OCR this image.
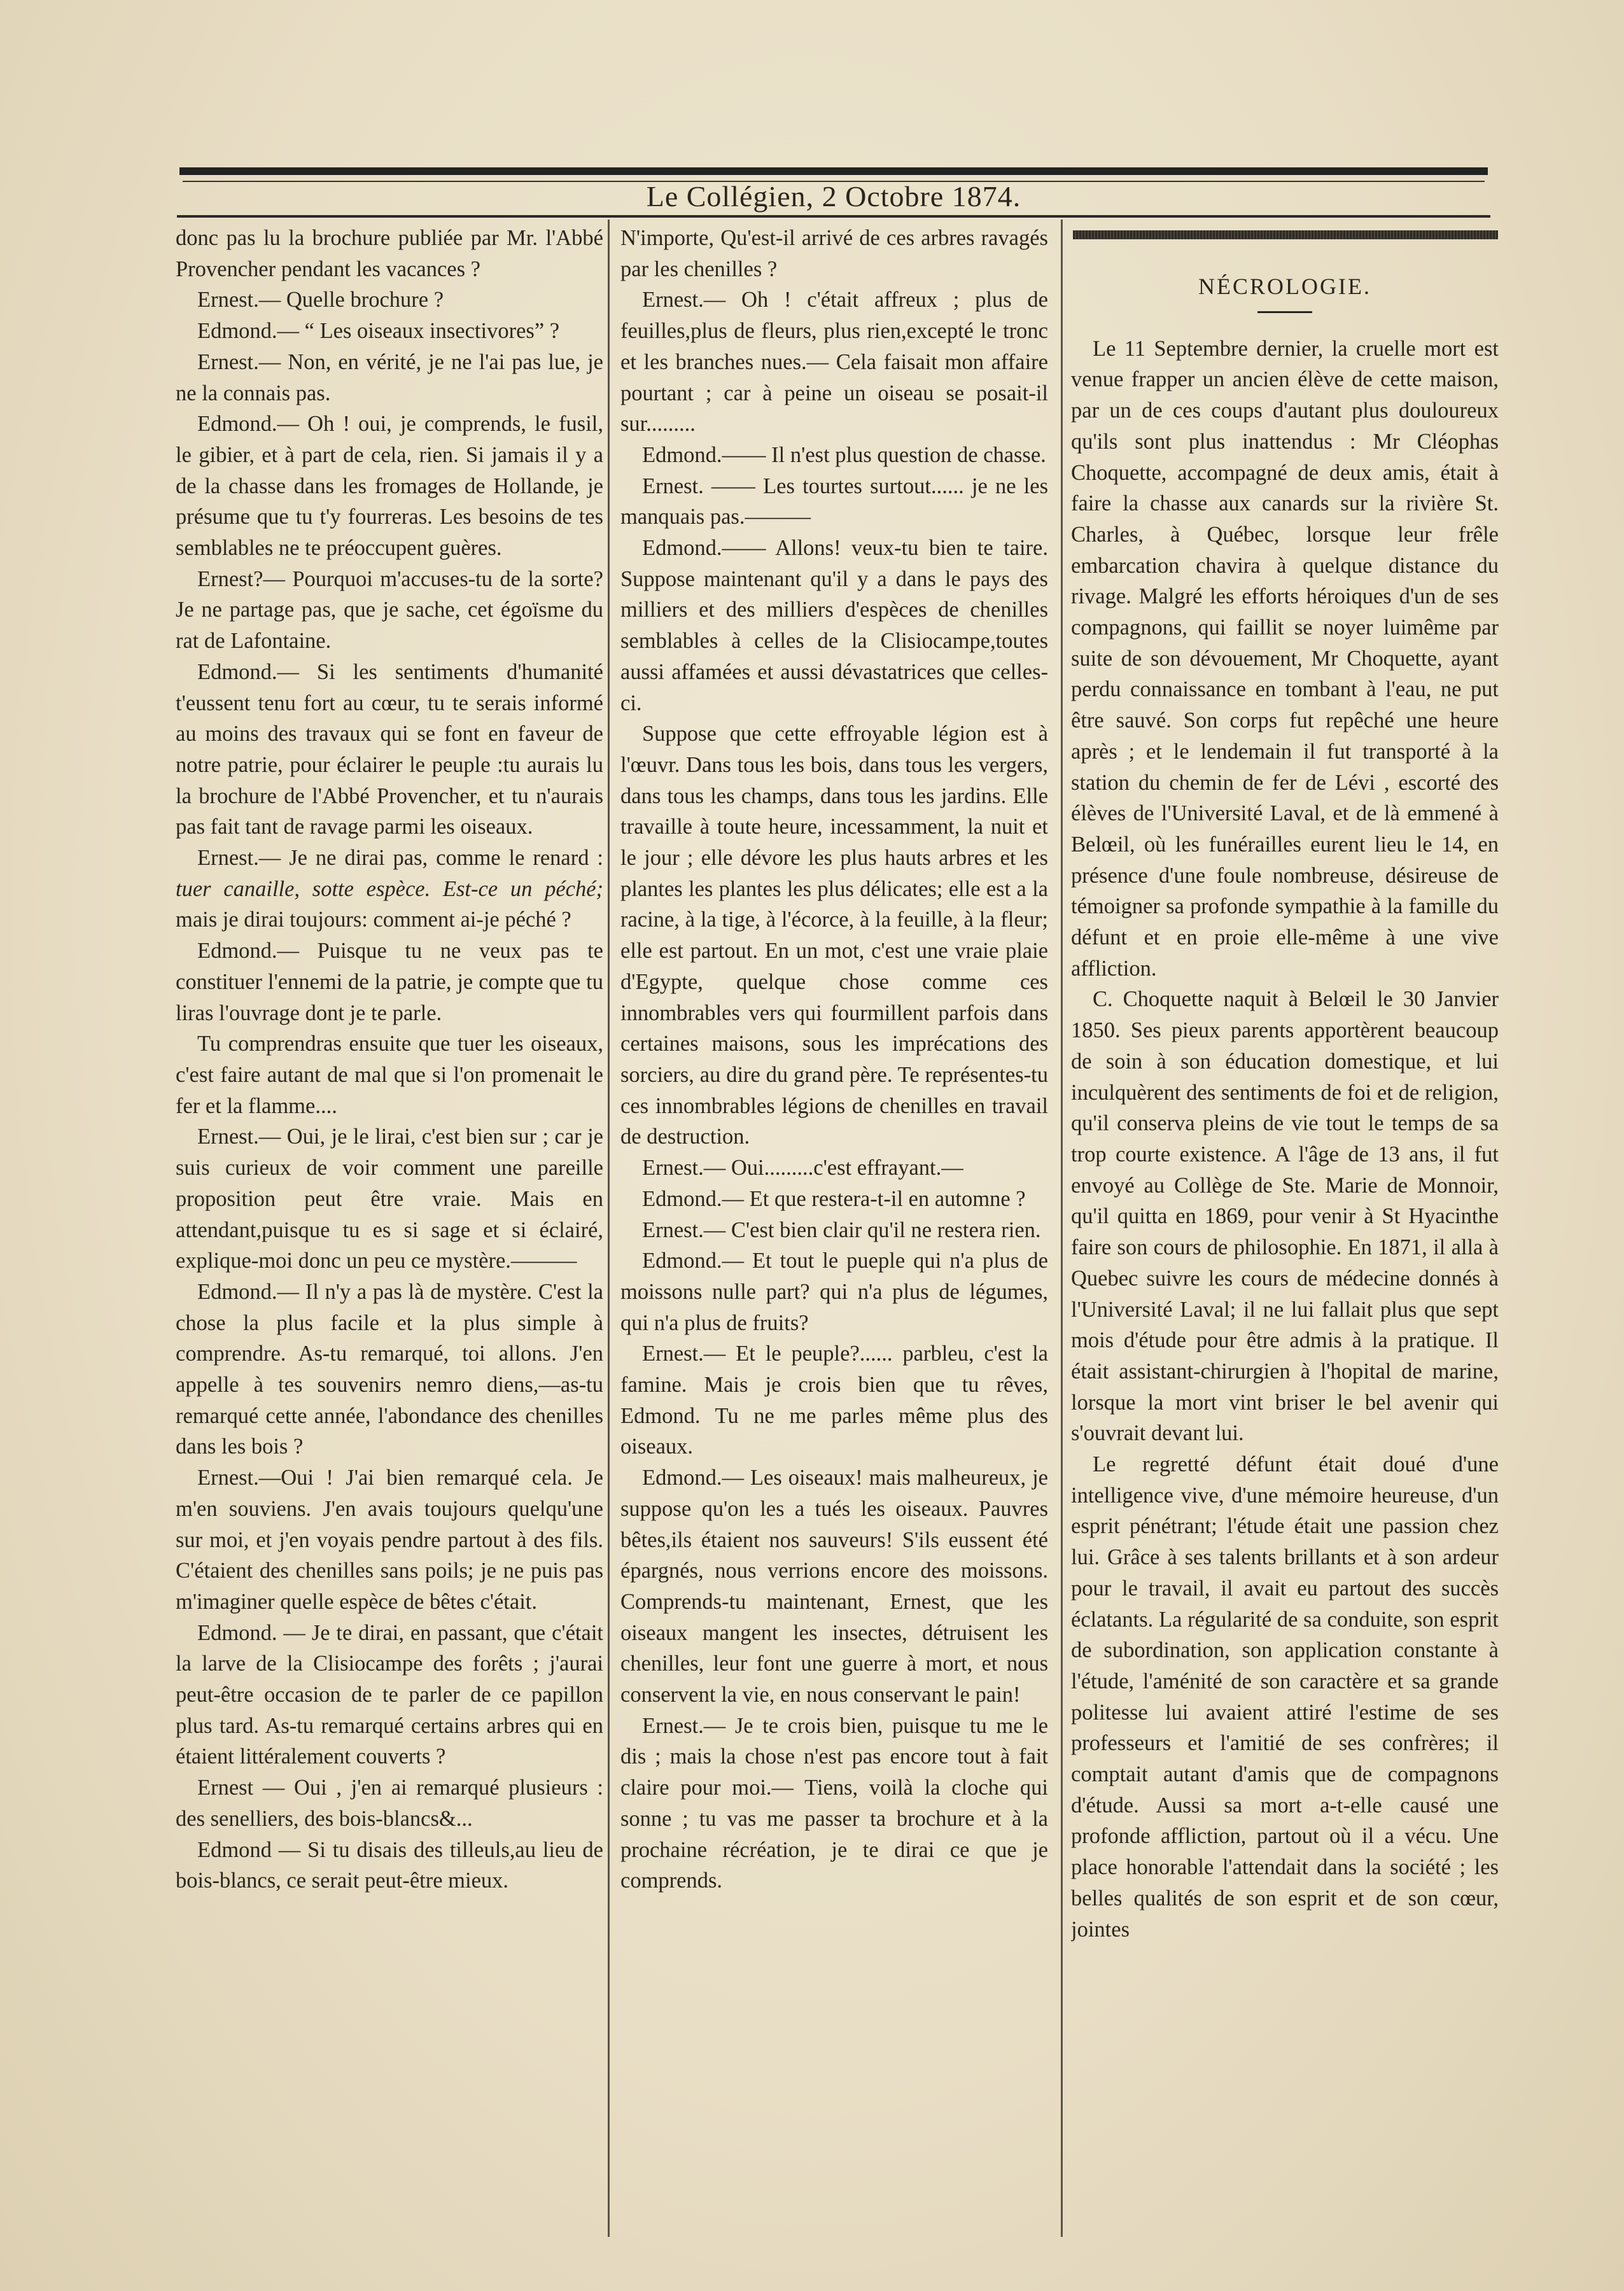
Le Collégien, 2 Octobre 1874.

donc pas lu la brochure publiée par Mr. l'Abbé Provencher pendant les vacances ?

Ernest.— Quelle brochure ?

Edmond.— “ Les oiseaux insectivores” ?

Ernest.— Non, en vérité, je ne l'ai pas lue, je ne la connais pas.

Edmond.— Oh ! oui, je comprends, le fusil, le gibier, et à part de cela, rien. Si jamais il y a de la chasse dans les fromages de Hollande, je présume que tu t'y fourreras. Les besoins de tes semblables ne te préoccupent guères.

Ernest?— Pourquoi m'accuses-tu de la sorte? Je ne partage pas, que je sache, cet égoïsme du rat de Lafontaine.

Edmond.— Si les sentiments d'humanité t'eussent tenu fort au cœur, tu te serais informé au moins des travaux qui se font en faveur de notre patrie, pour éclairer le peuple :tu aurais lu la brochure de l'Abbé Provencher, et tu n'aurais pas fait tant de ravage parmi les oiseaux.

Ernest.— Je ne dirai pas, comme le renard : tuer canaille, sotte espèce. Est-ce un péché; mais je dirai toujours: comment ai-je péché ?

Edmond.— Puisque tu ne veux pas te constituer l'ennemi de la patrie, je compte que tu liras l'ouvrage dont je te parle.

Tu comprendras ensuite que tuer les oiseaux, c'est faire autant de mal que si l'on promenait le fer et la flamme....

Ernest.— Oui, je le lirai, c'est bien sur ; car je suis curieux de voir comment une pareille proposition peut être vraie. Mais en attendant,puisque tu es si sage et si éclairé, explique-moi donc un peu ce mystère.———

Edmond.— Il n'y a pas là de mystère. C'est la chose la plus facile et la plus simple à comprendre. As-tu remarqué, toi allons. J'en appelle à tes souvenirs nemro diens,—as-tu remarqué cette année, l'abondance des chenilles dans les bois ?

Ernest.—Oui ! J'ai bien remarqué cela. Je m'en souviens. J'en avais toujours quelqu'une sur moi, et j'en voyais pendre partout à des fils. C'étaient des chenilles sans poils; je ne puis pas m'imaginer quelle espèce de bêtes c'était.

Edmond. — Je te dirai, en passant, que c'était la larve de la Clisiocampe des forêts ; j'aurai peut-être occasion de te parler de ce papillon plus tard. As-tu remarqué certains arbres qui en étaient littéralement couverts ?

Ernest — Oui , j'en ai remarqué plusieurs : des senelliers, des bois-blancs&...

Edmond — Si tu disais des tilleuls,au lieu de bois-blancs, ce serait peut-être mieux.

N'importe, Qu'est-il arrivé de ces arbres ravagés par les chenilles ?

Ernest.— Oh ! c'était affreux ; plus de feuilles,plus de fleurs, plus rien,excepté le tronc et les branches nues.— Cela faisait mon affaire pourtant ; car à peine un oiseau se posait-il sur.........

Edmond.—— Il n'est plus question de chasse.

Ernest. —— Les tourtes surtout...... je ne les manquais pas.———

Edmond.—— Allons! veux-tu bien te taire. Suppose maintenant qu'il y a dans le pays des milliers et des milliers d'espèces de chenilles semblables à celles de la Clisiocampe,toutes aussi affamées et aussi dévastatrices que celles-ci.

Suppose que cette effroyable légion est à l'œuvr. Dans tous les bois, dans tous les vergers, dans tous les champs, dans tous les jardins. Elle travaille à toute heure, incessamment, la nuit et le jour ; elle dévore les plus hauts arbres et les plantes les plantes les plus délicates; elle est a la racine, à la tige, à l'écorce, à la feuille, à la fleur; elle est partout. En un mot, c'est une vraie plaie d'Egypte, quelque chose comme ces innombrables vers qui fourmillent parfois dans certaines maisons, sous les imprécations des sorciers, au dire du grand père. Te représentes-tu ces innombrables légions de chenilles en travail de destruction.

Ernest.— Oui.........c'est effrayant.—

Edmond.— Et que restera-t-il en automne ?

Ernest.— C'est bien clair qu'il ne restera rien.

Edmond.— Et tout le pueple qui n'a plus de moissons nulle part? qui n'a plus de légumes, qui n'a plus de fruits?

Ernest.— Et le peuple?...... parbleu, c'est la famine. Mais je crois bien que tu rêves, Edmond. Tu ne me parles même plus des oiseaux.

Edmond.— Les oiseaux! mais malheureux, je suppose qu'on les a tués les oiseaux. Pauvres bêtes,ils étaient nos sauveurs! S'ils eussent été épargnés, nous verrions encore des moissons. Comprends-tu maintenant, Ernest, que les oiseaux mangent les insectes, détruisent les chenilles, leur font une guerre à mort, et nous conservent la vie, en nous conservant le pain!

Ernest.— Je te crois bien, puisque tu me le dis ; mais la chose n'est pas encore tout à fait claire pour moi.— Tiens, voilà la cloche qui sonne ; tu vas me passer ta brochure et à la prochaine récréation, je te dirai ce que je comprends.

NÉCROLOGIE.

Le 11 Septembre dernier, la cruelle mort est venue frapper un ancien élève de cette maison, par un de ces coups d'autant plus douloureux qu'ils sont plus inattendus : Mr Cléophas Choquette, accompagné de deux amis, était à faire la chasse aux canards sur la rivière St. Charles, à Québec, lorsque leur frêle embarcation chavira à quelque distance du rivage. Malgré les efforts héroiques d'un de ses compagnons, qui faillit se noyer luimême par suite de son dévouement, Mr Choquette, ayant perdu connaissance en tombant à l'eau, ne put être sauvé. Son corps fut repêché une heure après ; et le lendemain il fut transporté à la station du chemin de fer de Lévi , escorté des élèves de l'Université Laval, et de là emmené à Belœil, où les funérailles eurent lieu le 14, en présence d'une foule nombreuse, désireuse de témoigner sa profonde sympathie à la famille du défunt et en proie elle-même à une vive affliction.

C. Choquette naquit à Belœil le 30 Janvier 1850. Ses pieux parents apportèrent beaucoup de soin à son éducation domestique, et lui inculquèrent des sentiments de foi et de religion, qu'il conserva pleins de vie tout le temps de sa trop courte existence. A l'âge de 13 ans, il fut envoyé au Collège de Ste. Marie de Monnoir, qu'il quitta en 1869, pour venir à St Hyacinthe faire son cours de philosophie. En 1871, il alla à Quebec suivre les cours de médecine donnés à l'Université Laval; il ne lui fallait plus que sept mois d'étude pour être admis à la pratique. Il était assistant-chirurgien à l'hopital de marine, lorsque la mort vint briser le bel avenir qui s'ouvrait devant lui.

Le regretté défunt était doué d'une intelligence vive, d'une mémoire heureuse, d'un esprit pénétrant; l'étude était une passion chez lui. Grâce à ses talents brillants et à son ardeur pour le travail, il avait eu partout des succès éclatants. La régularité de sa conduite, son esprit de subordination, son application constante à l'étude, l'aménité de son caractère et sa grande politesse lui avaient attiré l'estime de ses professeurs et l'amitié de ses confrères; il comptait autant d'amis que de compagnons d'étude. Aussi sa mort a-t-elle causé une profonde affliction, partout où il a vécu. Une place honorable l'attendait dans la société ; les belles qualités de son esprit et de son cœur, jointes
